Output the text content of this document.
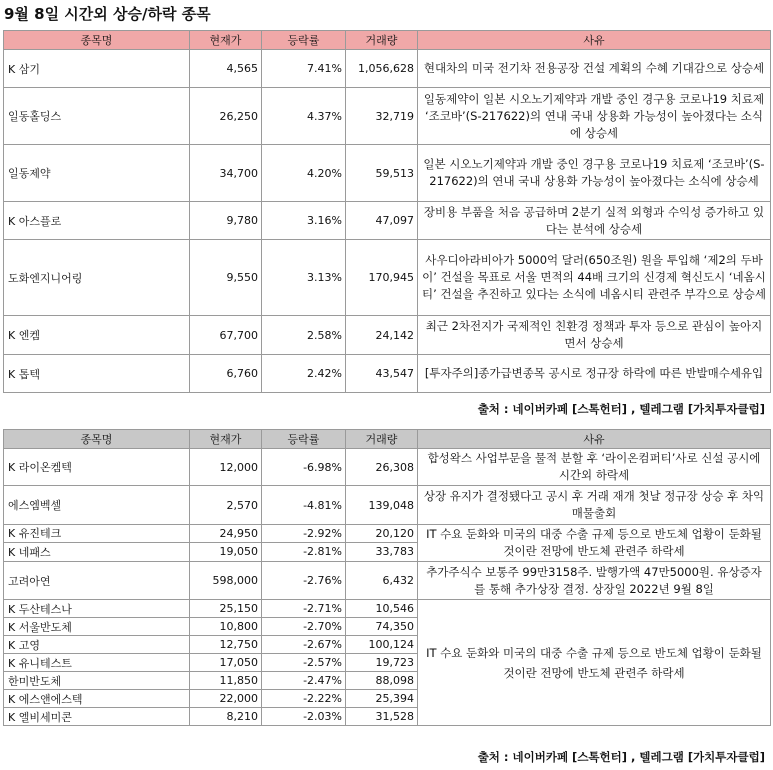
9월 8일 시간외 상승/하락 종목
종목명	현재가	등락률	거래량	사유
K 삼기	4,565	7.41%	1,056,628	현대차의 미국 전기차 전용공장 건설 계획의 수혜 기대감으로 상승세
일동홀딩스	26,250	4.37%	32,719	일동제약이 일본 시오노기제약과 개발 중인 경구용 코로나19 치료제 ‘조코바’(S-217622)의 연내 국내 상용화 가능성이 높아졌다는 소식에 상승세
일동제약	34,700	4.20%	59,513	일본 시오노기제약과 개발 중인 경구용 코로나19 치료제 ‘조코바’(S-217622)의 연내 국내 상용화 가능성이 높아졌다는 소식에 상승세
K 아스플로	9,780	3.16%	47,097	장비용 부품을 처음 공급하며 2분기 실적 외형과 수익성 증가하고 있다는 분석에 상승세
도화엔지니어링	9,550	3.13%	170,945	사우디아라비아가 5000억 달러(650조원) 원을 투입해 ‘제2의 두바이’ 건설을 목표로 서울 면적의 44배 크기의 신경제 혁신도시 ‘네옴시티’ 건설을 추진하고 있다는 소식에 네옴시티 관련주 부각으로 상승세
K 엔켐	67,700	2.58%	24,142	최근 2차전지가 국제적인 친환경 정책과 투자 등으로 관심이 높아지면서 상승세
K 톱텍	6,760	2.42%	43,547	[투자주의]종가급변종목 공시로 정규장 하락에 따른 반발매수세유입
출처 : 네이버카페 [스톡헌터] , 텔레그램 [가치투자클럽]
종목명	현재가	등락률	거래량	사유
K 라이온켐텍	12,000	-6.98%	26,308	합성왁스 사업부문을 물적 분할 후 ‘라이온컴퍼티’사로 신설 공시에 시간외 하락세
에스엠벡셀	2,570	-4.81%	139,048	상장 유지가 결정됐다고 공시 후 거래 재개 첫날 정규장 상승 후 차익매물출회
K 유진테크	24,950	-2.92%	20,120	IT 수요 둔화와 미국의 대중 수출 규제 등으로 반도체 업황이 둔화될 것이란 전망에 반도체 관련주 하락세
K 네패스	19,050	-2.81%	33,783	
고려아연	598,000	-2.76%	6,432	추가주식수 보통주 99만3158주. 발행가액 47만5000원. 유상증자를 통해 추가상장 결정. 상장일 2022년 9월 8일
K 두산테스나	25,150	-2.71%	10,546	IT 수요 둔화와 미국의 대중 수출 규제 등으로 반도체 업황이 둔화될 것이란 전망에 반도체 관련주 하락세
K 서울반도체	10,800	-2.70%	74,350	
K 고영	12,750	-2.67%	100,124	
K 유니테스트	17,050	-2.57%	19,723	
한미반도체	11,850	-2.47%	88,098	
K 에스앤에스텍	22,000	-2.22%	25,394	
K 엘비세미콘	8,210	-2.03%	31,528	
출처 : 네이버카페 [스톡헌터] , 텔레그램 [가치투자클럽]
